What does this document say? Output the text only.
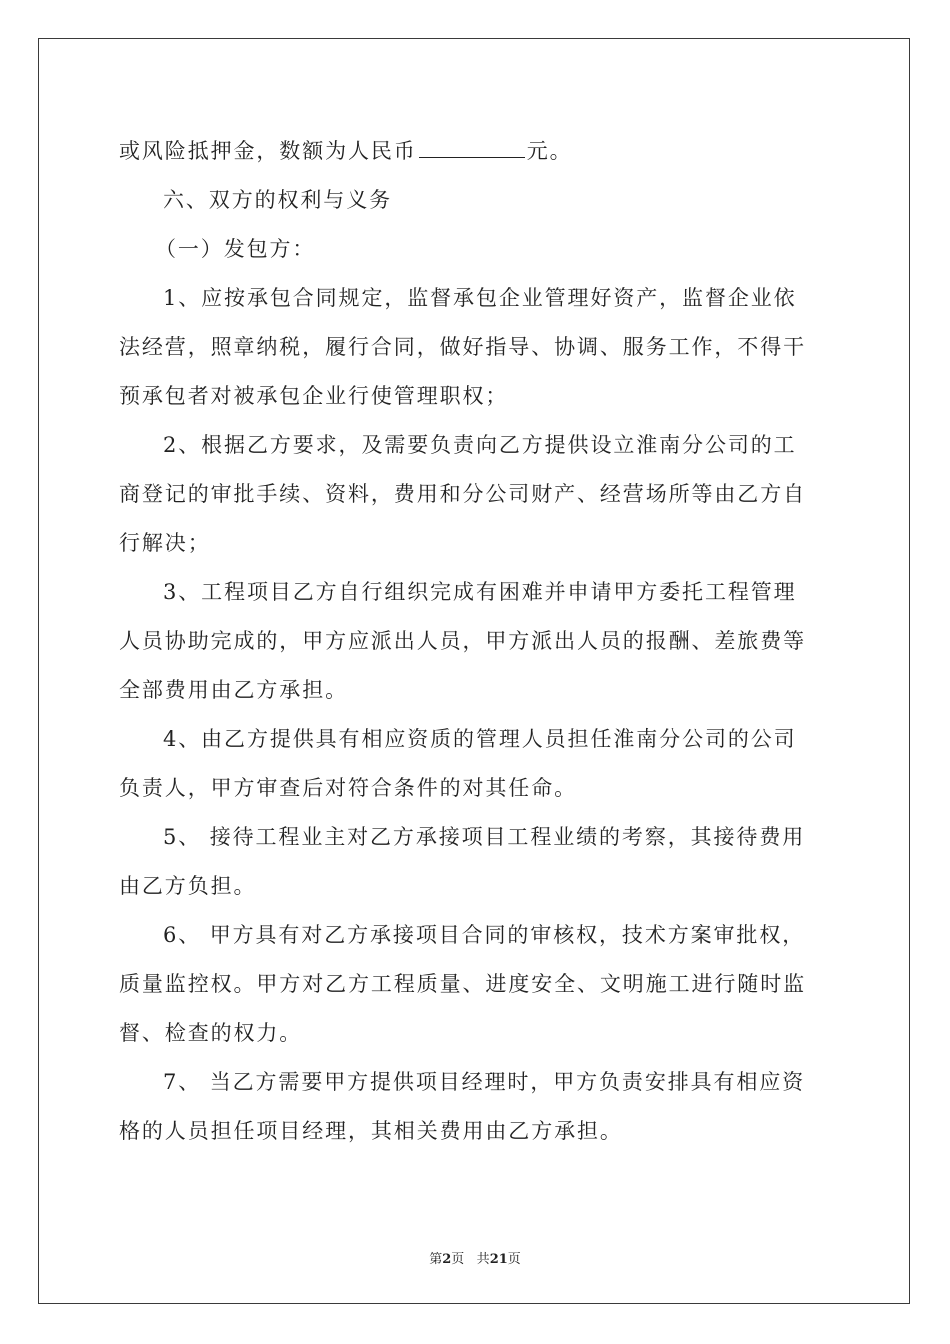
或风险抵押金，数额为人民币	元。
六、双方的权利与义务
（一）发包方：
1、应按承包合同规定，监督承包企业管理好资产，监督企业依
法经营，照章纳税，履行合同，做好指导、协调、服务工作，不得干
预承包者对被承包企业行使管理职权；
2、根据乙方要求，及需要负责向乙方提供设立淮南分公司的工
商登记的审批手续、资料，费用和分公司财产、经营场所等由乙方自
行解决；
3、工程项目乙方自行组织完成有困难并申请甲方委托工程管理
人员协助完成的，甲方应派出人员，甲方派出人员的报酬、差旅费等
全部费用由乙方承担。
4、由乙方提供具有相应资质的管理人员担任淮南分公司的公司
负责人，甲方审查后对符合条件的对其任命。
5、 接待工程业主对乙方承接项目工程业绩的考察，其接待费用
由乙方负担。
6、 甲方具有对乙方承接项目合同的审核权，技术方案审批权，
质量监控权。甲方对乙方工程质量、进度安全、文明施工进行随时监
督、检查的权力。
7、 当乙方需要甲方提供项目经理时，甲方负责安排具有相应资
格的人员担任项目经理，其相关费用由乙方承担。
第2页 共21页
